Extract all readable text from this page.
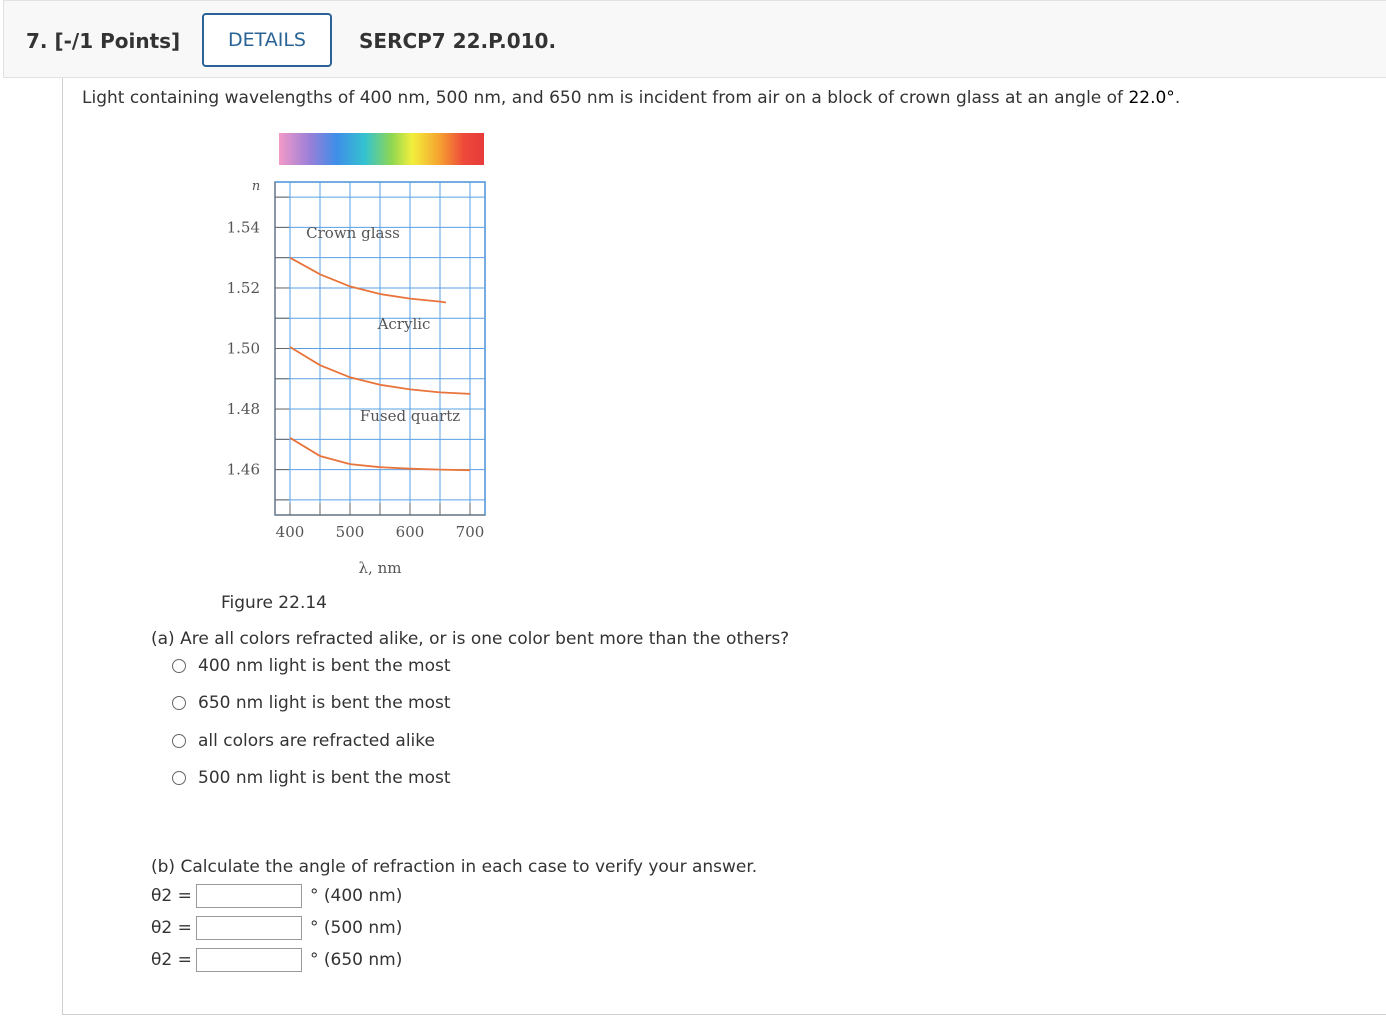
7. [-/1 Points]	DETAILS	SERCP7 22.P.010.
Light containing wavelengths of 400 nm, 500 nm, and 650 nm is incident from air on a block of crown glass at an angle of 22.0°.
Crown glass
Acrylic
Fused quartz
1.54
1.52
1.50
1.48
1.46
400 500 600 700
n
λ, nm
Figure 22.14
(a) Are all colors refracted alike, or is one color bent more than the others?
400 nm light is bent the most
650 nm light is bent the most
all colors are refracted alike
500 nm light is bent the most
(b) Calculate the angle of refraction in each case to verify your answer.
θ2 =	° (400 nm)
θ2 =	° (500 nm)
θ2 =	° (650 nm)
